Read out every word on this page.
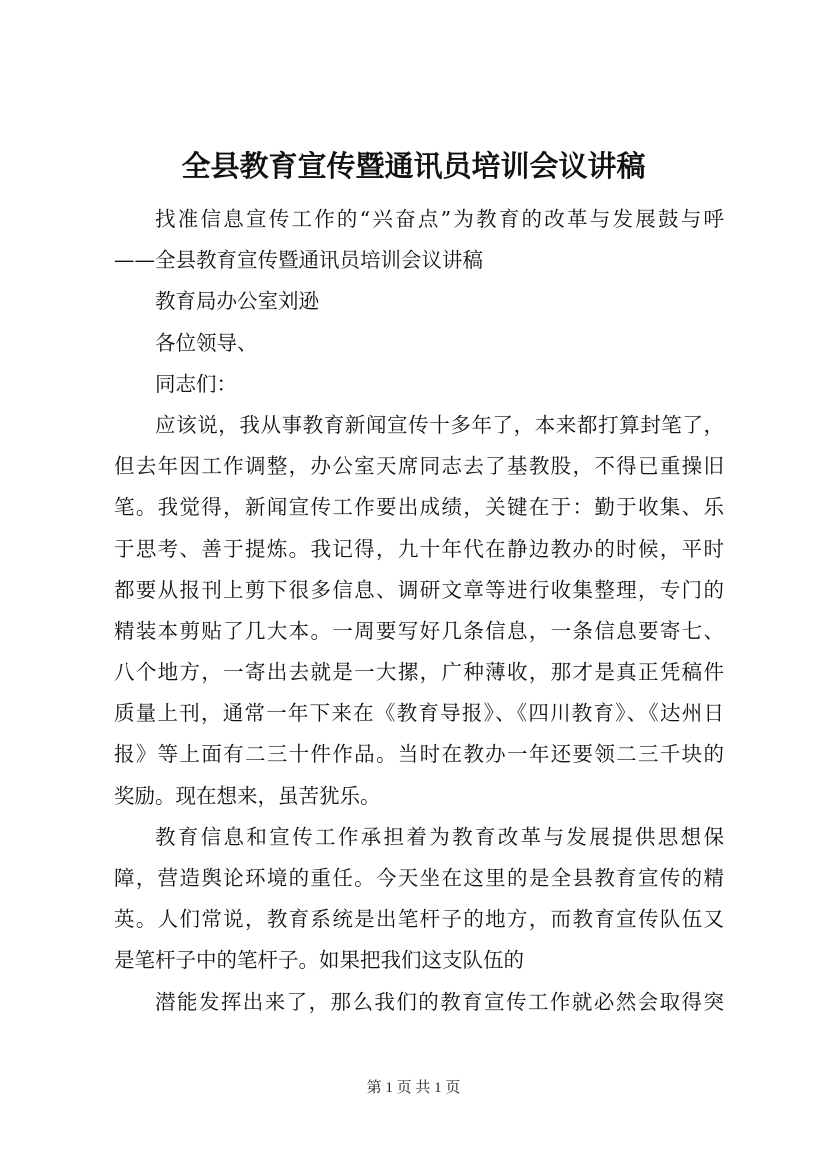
全县教育宣传暨通讯员培训会议讲稿
找准信息宣传工作的“兴奋点”为教育的改革与发展鼓与呼
——全县教育宣传暨通讯员培训会议讲稿
教育局办公室刘逊
各位领导、
同志们：
应该说，我从事教育新闻宣传十多年了，本来都打算封笔了，
但去年因工作调整，办公室天席同志去了基教股，不得已重操旧
笔。我觉得，新闻宣传工作要出成绩，关键在于：勤于收集、乐
于思考、善于提炼。我记得，九十年代在静边教办的时候，平时
都要从报刊上剪下很多信息、调研文章等进行收集整理，专门的
精装本剪贴了几大本。一周要写好几条信息，一条信息要寄七、
八个地方，一寄出去就是一大摞，广种薄收，那才是真正凭稿件
质量上刊，通常一年下来在《教育导报》、《四川教育》、《达州日
报》等上面有二三十件作品。当时在教办一年还要领二三千块的
奖励。现在想来，虽苦犹乐。
教育信息和宣传工作承担着为教育改革与发展提供思想保
障，营造舆论环境的重任。今天坐在这里的是全县教育宣传的精
英。人们常说，教育系统是出笔杆子的地方，而教育宣传队伍又
是笔杆子中的笔杆子。如果把我们这支队伍的
潜能发挥出来了，那么我们的教育宣传工作就必然会取得突
第 1 页 共 1 页
